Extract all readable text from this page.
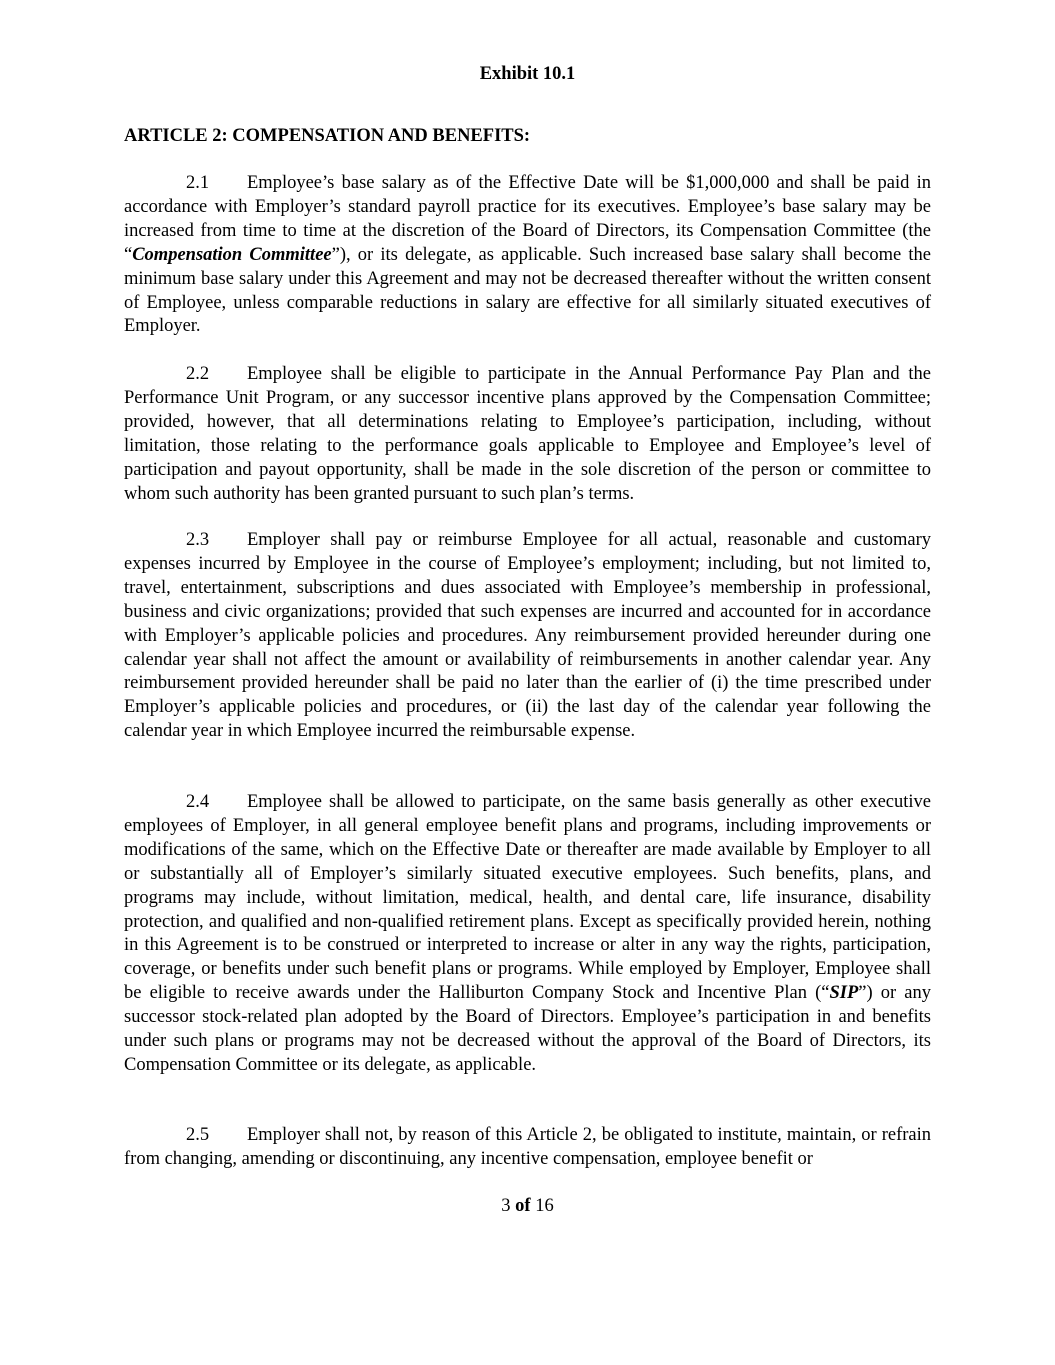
Exhibit 10.1
ARTICLE 2: COMPENSATION AND BENEFITS:

2.1 Employee’s base salary as of the Effective Date will be $1,000,000 and shall be paid in accordance with Employer’s standard payroll practice for its executives. Employee’s base salary may be increased from time to time at the discretion of the Board of Directors, its Compensation Committee (the “Compensation Committee”), or its delegate, as applicable. Such increased base salary shall become the minimum base salary under this Agreement and may not be decreased thereafter without the written consent of Employee, unless comparable reductions in salary are effective for all similarly situated executives of Employer.

2.2 Employee shall be eligible to participate in the Annual Performance Pay Plan and the Performance Unit Program, or any successor incentive plans approved by the Compensation Committee; provided, however, that all determinations relating to Employee’s participation, including, without limitation, those relating to the performance goals applicable to Employee and Employee’s level of participation and payout opportunity, shall be made in the sole discretion of the person or committee to whom such authority has been granted pursuant to such plan’s terms.

2.3 Employer shall pay or reimburse Employee for all actual, reasonable and customary expenses incurred by Employee in the course of Employee’s employment; including, but not limited to, travel, entertainment, subscriptions and dues associated with Employee’s membership in professional, business and civic organizations; provided that such expenses are incurred and accounted for in accordance with Employer’s applicable policies and procedures. Any reimbursement provided hereunder during one calendar year shall not affect the amount or availability of reimbursements in another calendar year. Any reimbursement provided hereunder shall be paid no later than the earlier of (i) the time prescribed under Employer’s applicable policies and procedures, or (ii) the last day of the calendar year following the calendar year in which Employee incurred the reimbursable expense.

2.4 Employee shall be allowed to participate, on the same basis generally as other executive employees of Employer, in all general employee benefit plans and programs, including improvements or modifications of the same, which on the Effective Date or thereafter are made available by Employer to all or substantially all of Employer’s similarly situated executive employees. Such benefits, plans, and programs may include, without limitation, medical, health, and dental care, life insurance, disability protection, and qualified and non-qualified retirement plans. Except as specifically provided herein, nothing in this Agreement is to be construed or interpreted to increase or alter in any way the rights, participation, coverage, or benefits under such benefit plans or programs. While employed by Employer, Employee shall be eligible to receive awards under the Halliburton Company Stock and Incentive Plan (“SIP”) or any successor stock-related plan adopted by the Board of Directors. Employee’s participation in and benefits under such plans or programs may not be decreased without the approval of the Board of Directors, its Compensation Committee or its delegate, as applicable.

2.5 Employer shall not, by reason of this Article 2, be obligated to institute, maintain, or refrain from changing, amending or discontinuing, any incentive compensation, employee benefit or

3 of 16
